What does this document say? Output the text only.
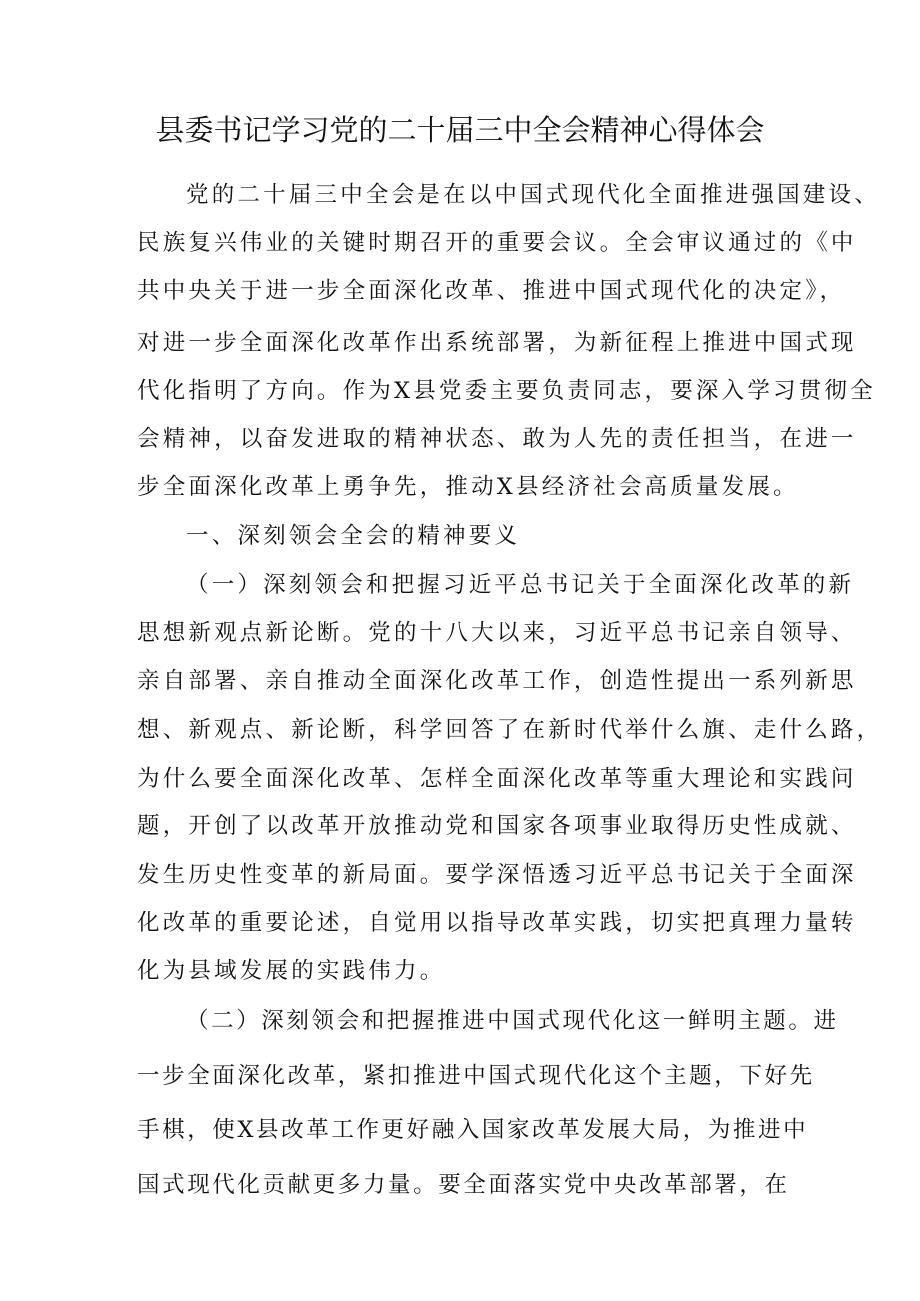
县委书记学习党的二十届三中全会精神心得体会
党的二十届三中全会是在以中国式现代化全面推进强国建设、
民族复兴伟业的关键时期召开的重要会议。全会审议通过的《中
共中央关于进一步全面深化改革、推进中国式现代化的决定》，
对进一步全面深化改革作出系统部署，为新征程上推进中国式现
代化指明了方向。作为X县党委主要负责同志，要深入学习贯彻全
会精神，以奋发进取的精神状态、敢为人先的责任担当，在进一
步全面深化改革上勇争先，推动X县经济社会高质量发展。
一、深刻领会全会的精神要义
（一）深刻领会和把握习近平总书记关于全面深化改革的新
思想新观点新论断。党的十八大以来，习近平总书记亲自领导、
亲自部署、亲自推动全面深化改革工作，创造性提出一系列新思
想、新观点、新论断，科学回答了在新时代举什么旗、走什么路，
为什么要全面深化改革、怎样全面深化改革等重大理论和实践问
题，开创了以改革开放推动党和国家各项事业取得历史性成就、
发生历史性变革的新局面。要学深悟透习近平总书记关于全面深
化改革的重要论述，自觉用以指导改革实践，切实把真理力量转
化为县域发展的实践伟力。
（二）深刻领会和把握推进中国式现代化这一鲜明主题。进
一步全面深化改革，紧扣推进中国式现代化这个主题，下好先
手棋，使X县改革工作更好融入国家改革发展大局，为推进中
国式现代化贡献更多力量。要全面落实党中央改革部署，在
